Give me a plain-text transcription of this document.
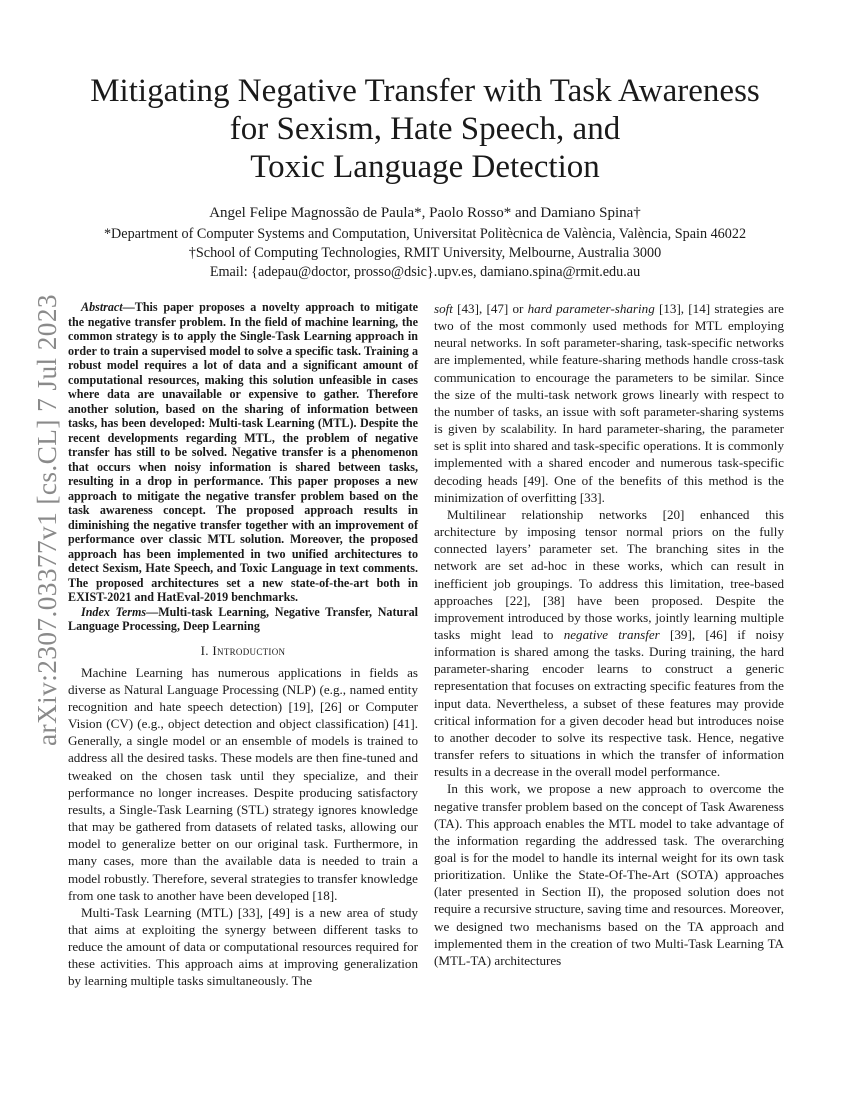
arXiv:2307.03377v1 [cs.CL] 7 Jul 2023
Mitigating Negative Transfer with Task Awareness
for Sexism, Hate Speech, and
Toxic Language Detection
Angel Felipe Magnossão de Paula*, Paolo Rosso* and Damiano Spina†
*Department of Computer Systems and Computation, Universitat Politècnica de València, València, Spain 46022
†School of Computing Technologies, RMIT University, Melbourne, Australia 3000
Email: {adepau@doctor, prosso@dsic}.upv.es, damiano.spina@rmit.edu.au

Abstract—This paper proposes a novelty approach to mitigate the negative transfer problem. In the field of machine learning, the common strategy is to apply the Single-Task Learning approach in order to train a supervised model to solve a specific task. Training a robust model requires a lot of data and a significant amount of computational resources, making this solution unfeasible in cases where data are unavailable or expensive to gather. Therefore another solution, based on the sharing of information between tasks, has been developed: Multi-task Learning (MTL). Despite the recent developments regarding MTL, the problem of negative transfer has still to be solved. Negative transfer is a phenomenon that occurs when noisy information is shared between tasks, resulting in a drop in performance. This paper proposes a new approach to mitigate the negative transfer problem based on the task awareness concept. The proposed approach results in diminishing the negative transfer together with an improvement of performance over classic MTL solution. Moreover, the proposed approach has been implemented in two unified architectures to detect Sexism, Hate Speech, and Toxic Language in text comments. The proposed architectures set a new state-of-the-art both in EXIST-2021 and HatEval-2019 benchmarks.

Index Terms—Multi-task Learning, Negative Transfer, Natural Language Processing, Deep Learning

I. Introduction

Machine Learning has numerous applications in fields as diverse as Natural Language Processing (NLP) (e.g., named entity recognition and hate speech detection) [19], [26] or Computer Vision (CV) (e.g., object detection and object classification) [41]. Generally, a single model or an ensemble of models is trained to address all the desired tasks. These models are then fine-tuned and tweaked on the chosen task until they specialize, and their performance no longer increases. Despite producing satisfactory results, a Single-Task Learning (STL) strategy ignores knowledge that may be gathered from datasets of related tasks, allowing our model to generalize better on our original task. Furthermore, in many cases, more than the available data is needed to train a model robustly. Therefore, several strategies to transfer knowledge from one task to another have been developed [18].

Multi-Task Learning (MTL) [33], [49] is a new area of study that aims at exploiting the synergy between different tasks to reduce the amount of data or computational resources required for these activities. This approach aims at improving generalization by learning multiple tasks simultaneously. The

soft [43], [47] or hard parameter-sharing [13], [14] strategies are two of the most commonly used methods for MTL employing neural networks. In soft parameter-sharing, task-specific networks are implemented, while feature-sharing methods handle cross-task communication to encourage the parameters to be similar. Since the size of the multi-task network grows linearly with respect to the number of tasks, an issue with soft parameter-sharing systems is given by scalability. In hard parameter-sharing, the parameter set is split into shared and task-specific operations. It is commonly implemented with a shared encoder and numerous task-specific decoding heads [49]. One of the benefits of this method is the minimization of overfitting [33].

Multilinear relationship networks [20] enhanced this architecture by imposing tensor normal priors on the fully connected layers’ parameter set. The branching sites in the network are set ad-hoc in these works, which can result in inefficient job groupings. To address this limitation, tree-based approaches [22], [38] have been proposed. Despite the improvement introduced by those works, jointly learning multiple tasks might lead to negative transfer [39], [46] if noisy information is shared among the tasks. During training, the hard parameter-sharing encoder learns to construct a generic representation that focuses on extracting specific features from the input data. Nevertheless, a subset of these features may provide critical information for a given decoder head but introduces noise to another decoder to solve its respective task. Hence, negative transfer refers to situations in which the transfer of information results in a decrease in the overall model performance.

In this work, we propose a new approach to overcome the negative transfer problem based on the concept of Task Awareness (TA). This approach enables the MTL model to take advantage of the information regarding the addressed task. The overarching goal is for the model to handle its internal weight for its own task prioritization. Unlike the State-Of-The-Art (SOTA) approaches (later presented in Section II), the proposed solution does not require a recursive structure, saving time and resources. Moreover, we designed two mechanisms based on the TA approach and implemented them in the creation of two Multi-Task Learning TA (MTL-TA) architectures
